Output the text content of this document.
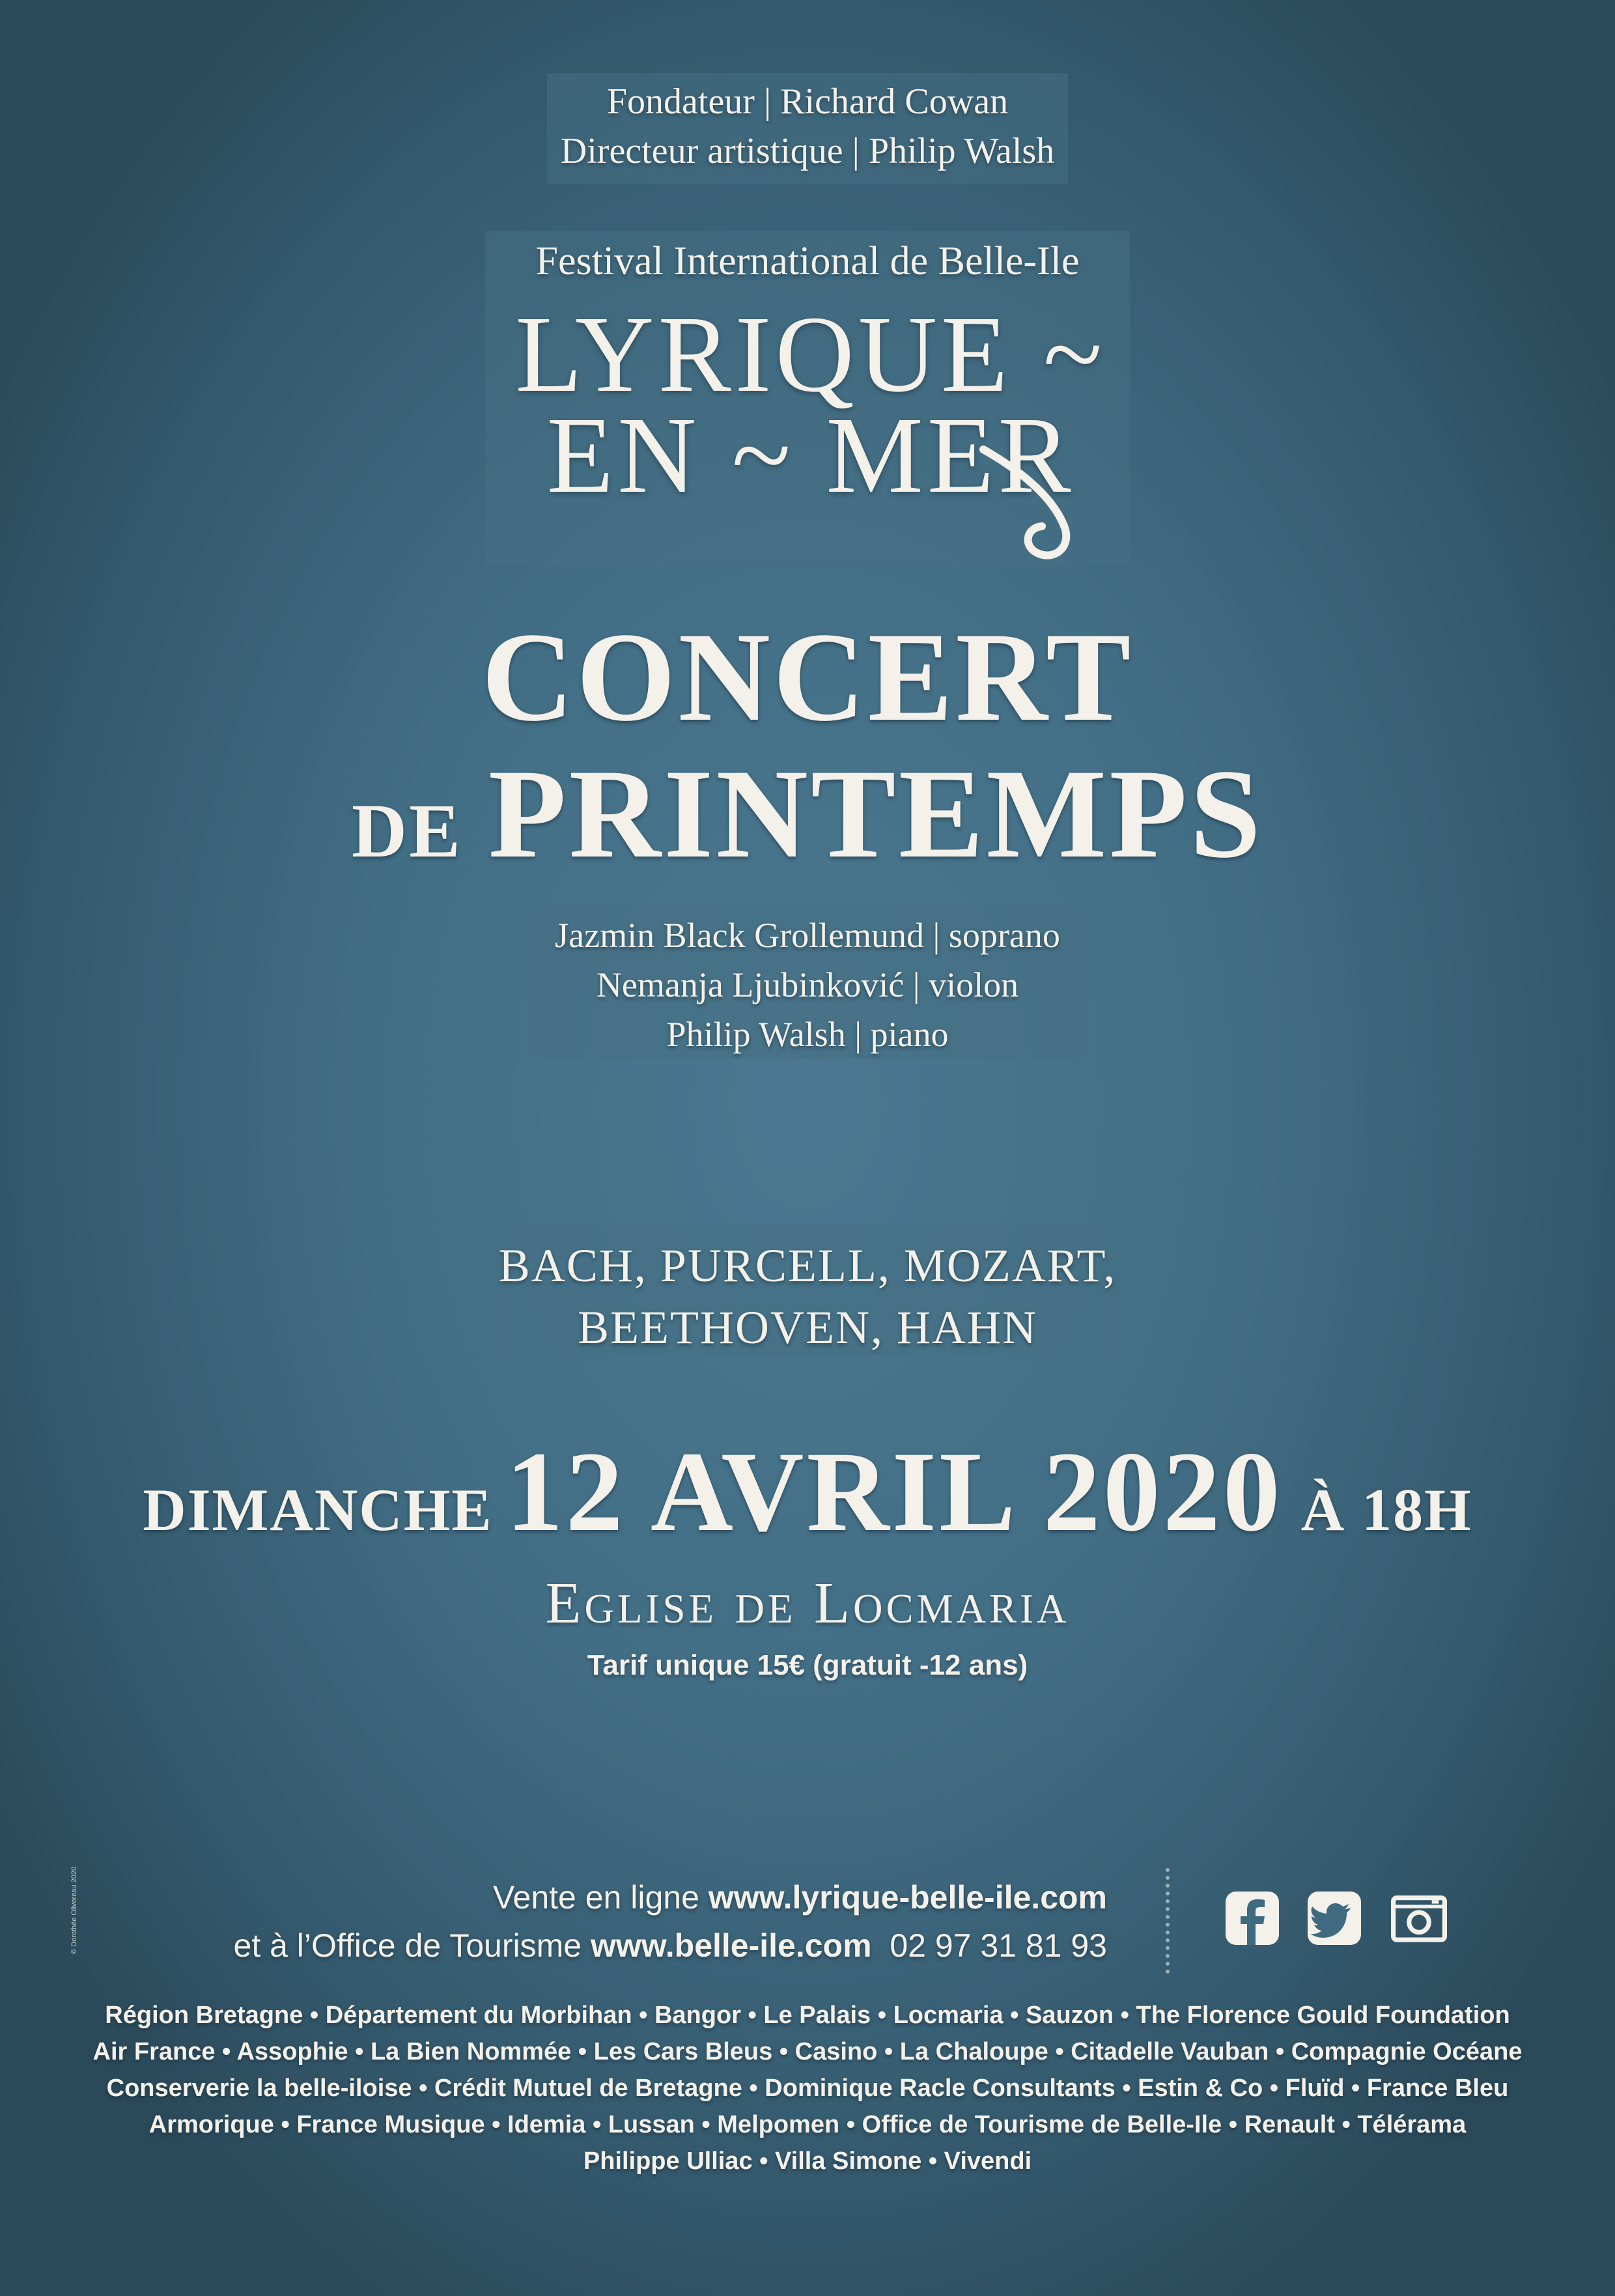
Fondateur | Richard Cowan
Directeur artistique | Philip Walsh
Festival International de Belle-Ile
LYRIQUE ~
EN ~ MER
CONCERT
DE PRINTEMPS
Jazmin Black Grollemund | soprano
Nemanja Ljubinković | violon
Philip Walsh | piano
BACH, PURCELL, MOZART,
BEETHOVEN, HAHN
DIMANCHE 12 AVRIL 2020 À 18H
Eglise de Locmaria
Tarif unique 15€ (gratuit -12 ans)
© Dorothée Olivereau 2020	Vente en ligne www.lyrique-belle-ile.com
et à l’Office de Tourisme www.belle-ile.com 02 97 31 81 93
Région Bretagne • Département du Morbihan • Bangor • Le Palais • Locmaria • Sauzon • The Florence Gould Foundation
Air France • Assophie • La Bien Nommée • Les Cars Bleus • Casino • La Chaloupe • Citadelle Vauban • Compagnie Océane
Conserverie la belle-iloise • Crédit Mutuel de Bretagne • Dominique Racle Consultants • Estin & Co • Fluïd • France Bleu
Armorique • France Musique • Idemia • Lussan • Melpomen • Office de Tourisme de Belle-Ile • Renault • Télérama
Philippe Ulliac • Villa Simone • Vivendi
